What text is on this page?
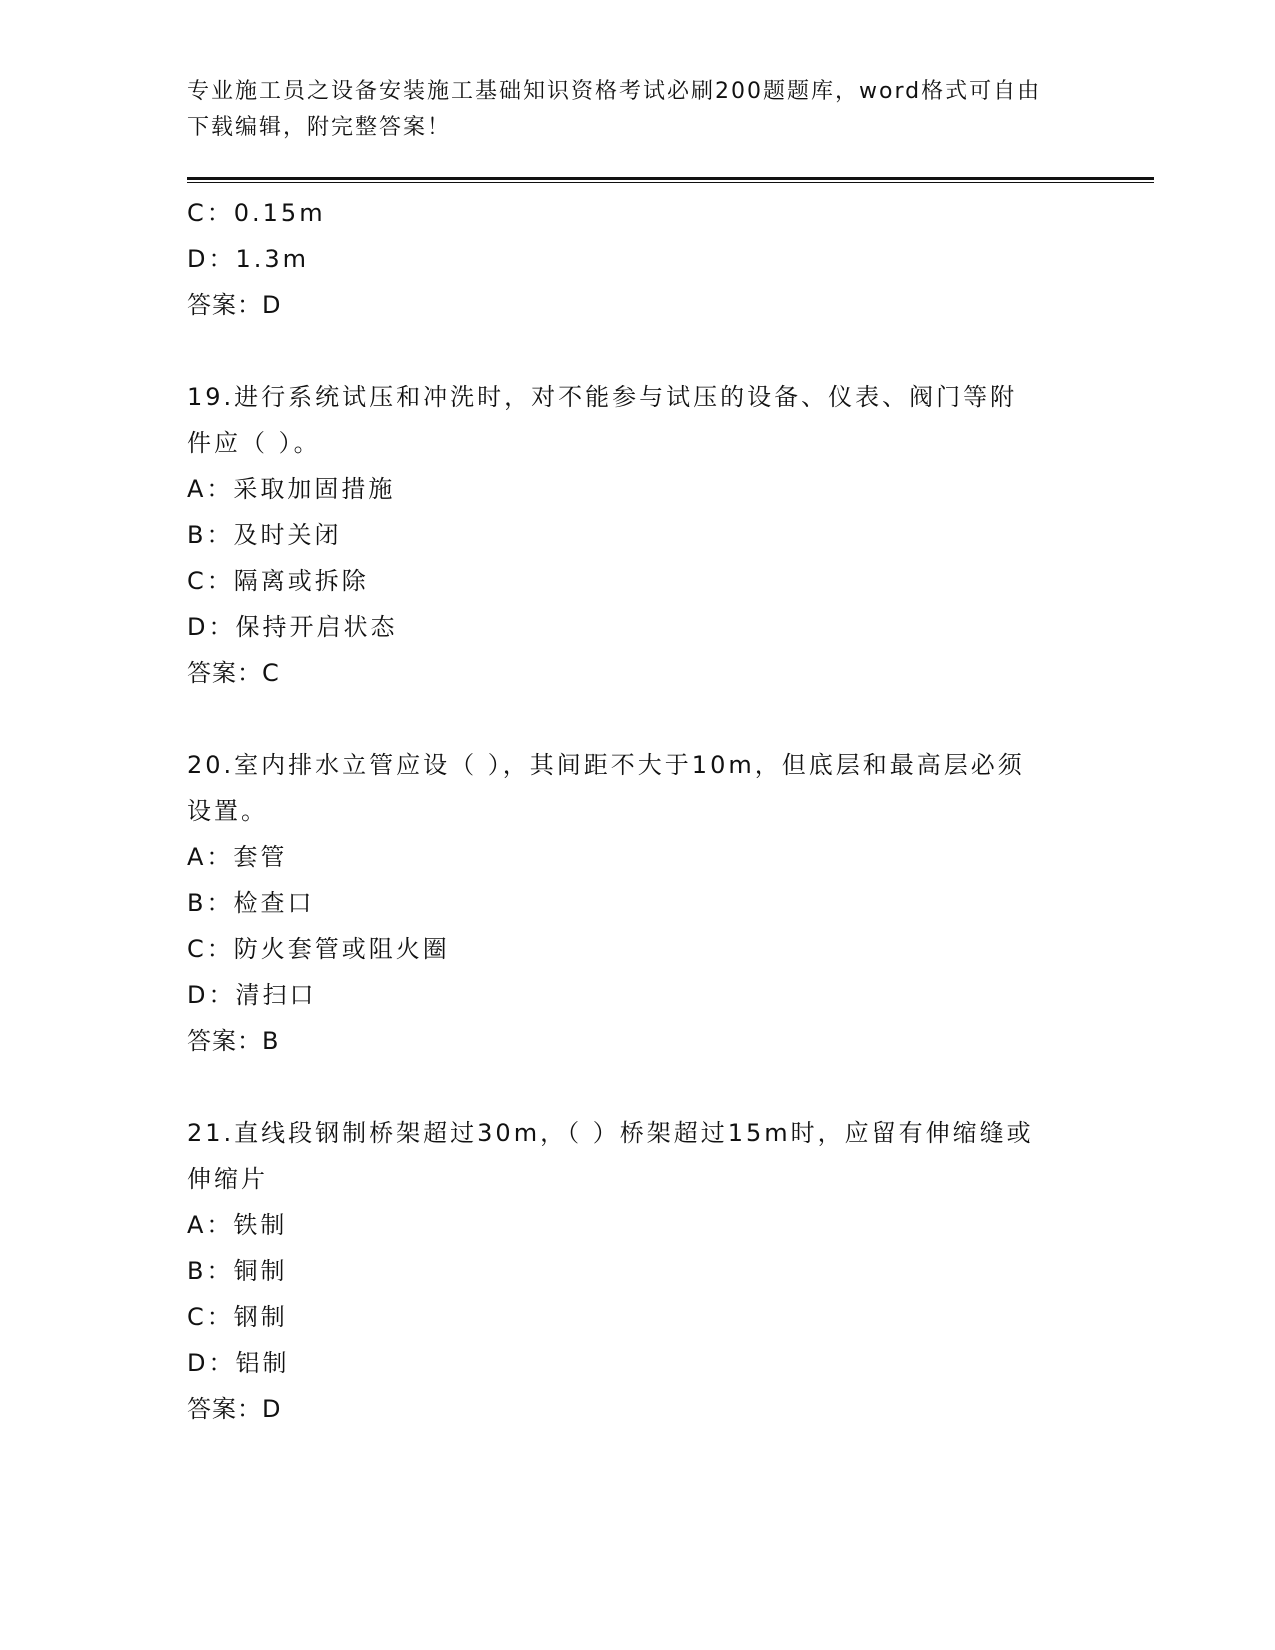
专业施工员之设备安装施工基础知识资格考试必刷200题题库，word格式可自由
下载编辑，附完整答案！
C：0.15m
D：1.3m
答案：D
19.进行系统试压和冲洗时，对不能参与试压的设备、仪表、阀门等附
件应（ ）。
A：采取加固措施
B：及时关闭
C：隔离或拆除
D：保持开启状态
答案：C
20.室内排水立管应设（ ），其间距不大于10m，但底层和最高层必须
设置。
A：套管
B：检查口
C：防火套管或阻火圈
D：清扫口
答案：B
21.直线段钢制桥架超过30m，（ ）桥架超过15m时，应留有伸缩缝或
伸缩片
A：铁制
B：铜制
C：钢制
D：铝制
答案：D
